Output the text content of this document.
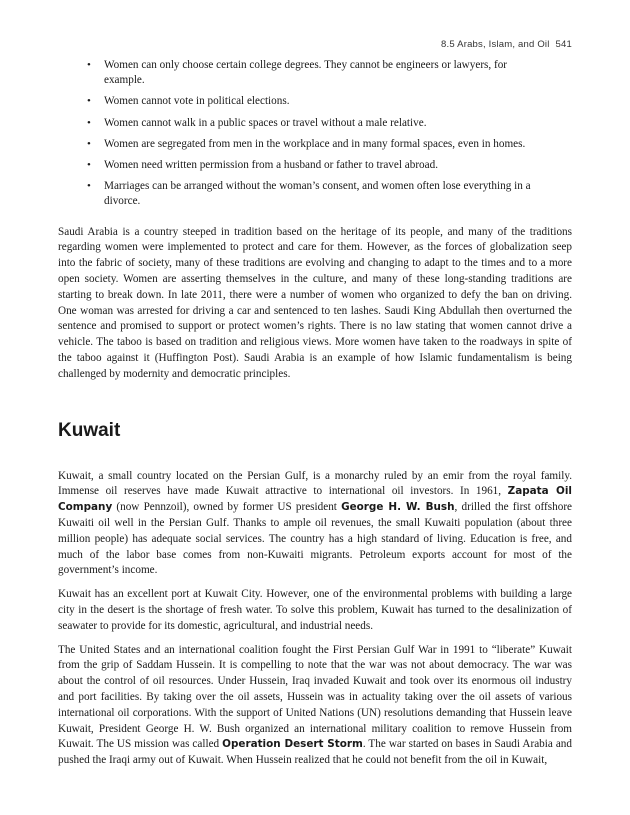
8.5 Arabs, Islam, and Oil 541
• Women can only choose certain college degrees. They cannot be engineers or lawyers, for example.
• Women cannot vote in political elections.
• Women cannot walk in a public spaces or travel without a male relative.
• Women are segregated from men in the workplace and in many formal spaces, even in homes.
• Women need written permission from a husband or father to travel abroad.
• Marriages can be arranged without the woman’s consent, and women often lose everything in a divorce.

Saudi Arabia is a country steeped in tradition based on the heritage of its people, and many of the traditions regarding women were implemented to protect and care for them. However, as the forces of globalization seep into the fabric of society, many of these traditions are evolving and changing to adapt to the times and to a more open society. Women are asserting themselves in the culture, and many of these long-standing traditions are starting to break down. In late 2011, there were a number of women who organized to defy the ban on driving. One woman was arrested for driving a car and sentenced to ten lashes. Saudi King Abdullah then overturned the sentence and promised to support or protect women’s rights. There is no law stating that women cannot drive a vehicle. The taboo is based on tradition and religious views. More women have taken to the roadways in spite of the taboo against it (Huffington Post). Saudi Arabia is an example of how Islamic fundamentalism is being challenged by modernity and democratic principles.

Kuwait

Kuwait, a small country located on the Persian Gulf, is a monarchy ruled by an emir from the royal family. Immense oil reserves have made Kuwait attractive to international oil investors. In 1961, Zapata Oil Company (now Pennzoil), owned by former US president George H. W. Bush, drilled the first offshore Kuwaiti oil well in the Persian Gulf. Thanks to ample oil revenues, the small Kuwaiti population (about three million people) has adequate social services. The country has a high standard of living. Education is free, and much of the labor base comes from non-Kuwaiti migrants. Petroleum exports account for most of the government’s income.

Kuwait has an excellent port at Kuwait City. However, one of the environmental problems with building a large city in the desert is the shortage of fresh water. To solve this problem, Kuwait has turned to the desalinization of seawater to provide for its domestic, agricultural, and industrial needs.

The United States and an international coalition fought the First Persian Gulf War in 1991 to “liberate” Kuwait from the grip of Saddam Hussein. It is compelling to note that the war was not about democracy. The war was about the control of oil resources. Under Hussein, Iraq invaded Kuwait and took over its enormous oil industry and port facilities. By taking over the oil assets, Hussein was in actuality taking over the oil assets of various international oil corporations. With the support of United Nations (UN) resolutions demanding that Hussein leave Kuwait, President George H. W. Bush organized an international military coalition to remove Hussein from Kuwait. The US mission was called Operation Desert Storm. The war started on bases in Saudi Arabia and pushed the Iraqi army out of Kuwait. When Hussein realized that he could not benefit from the oil in Kuwait,
